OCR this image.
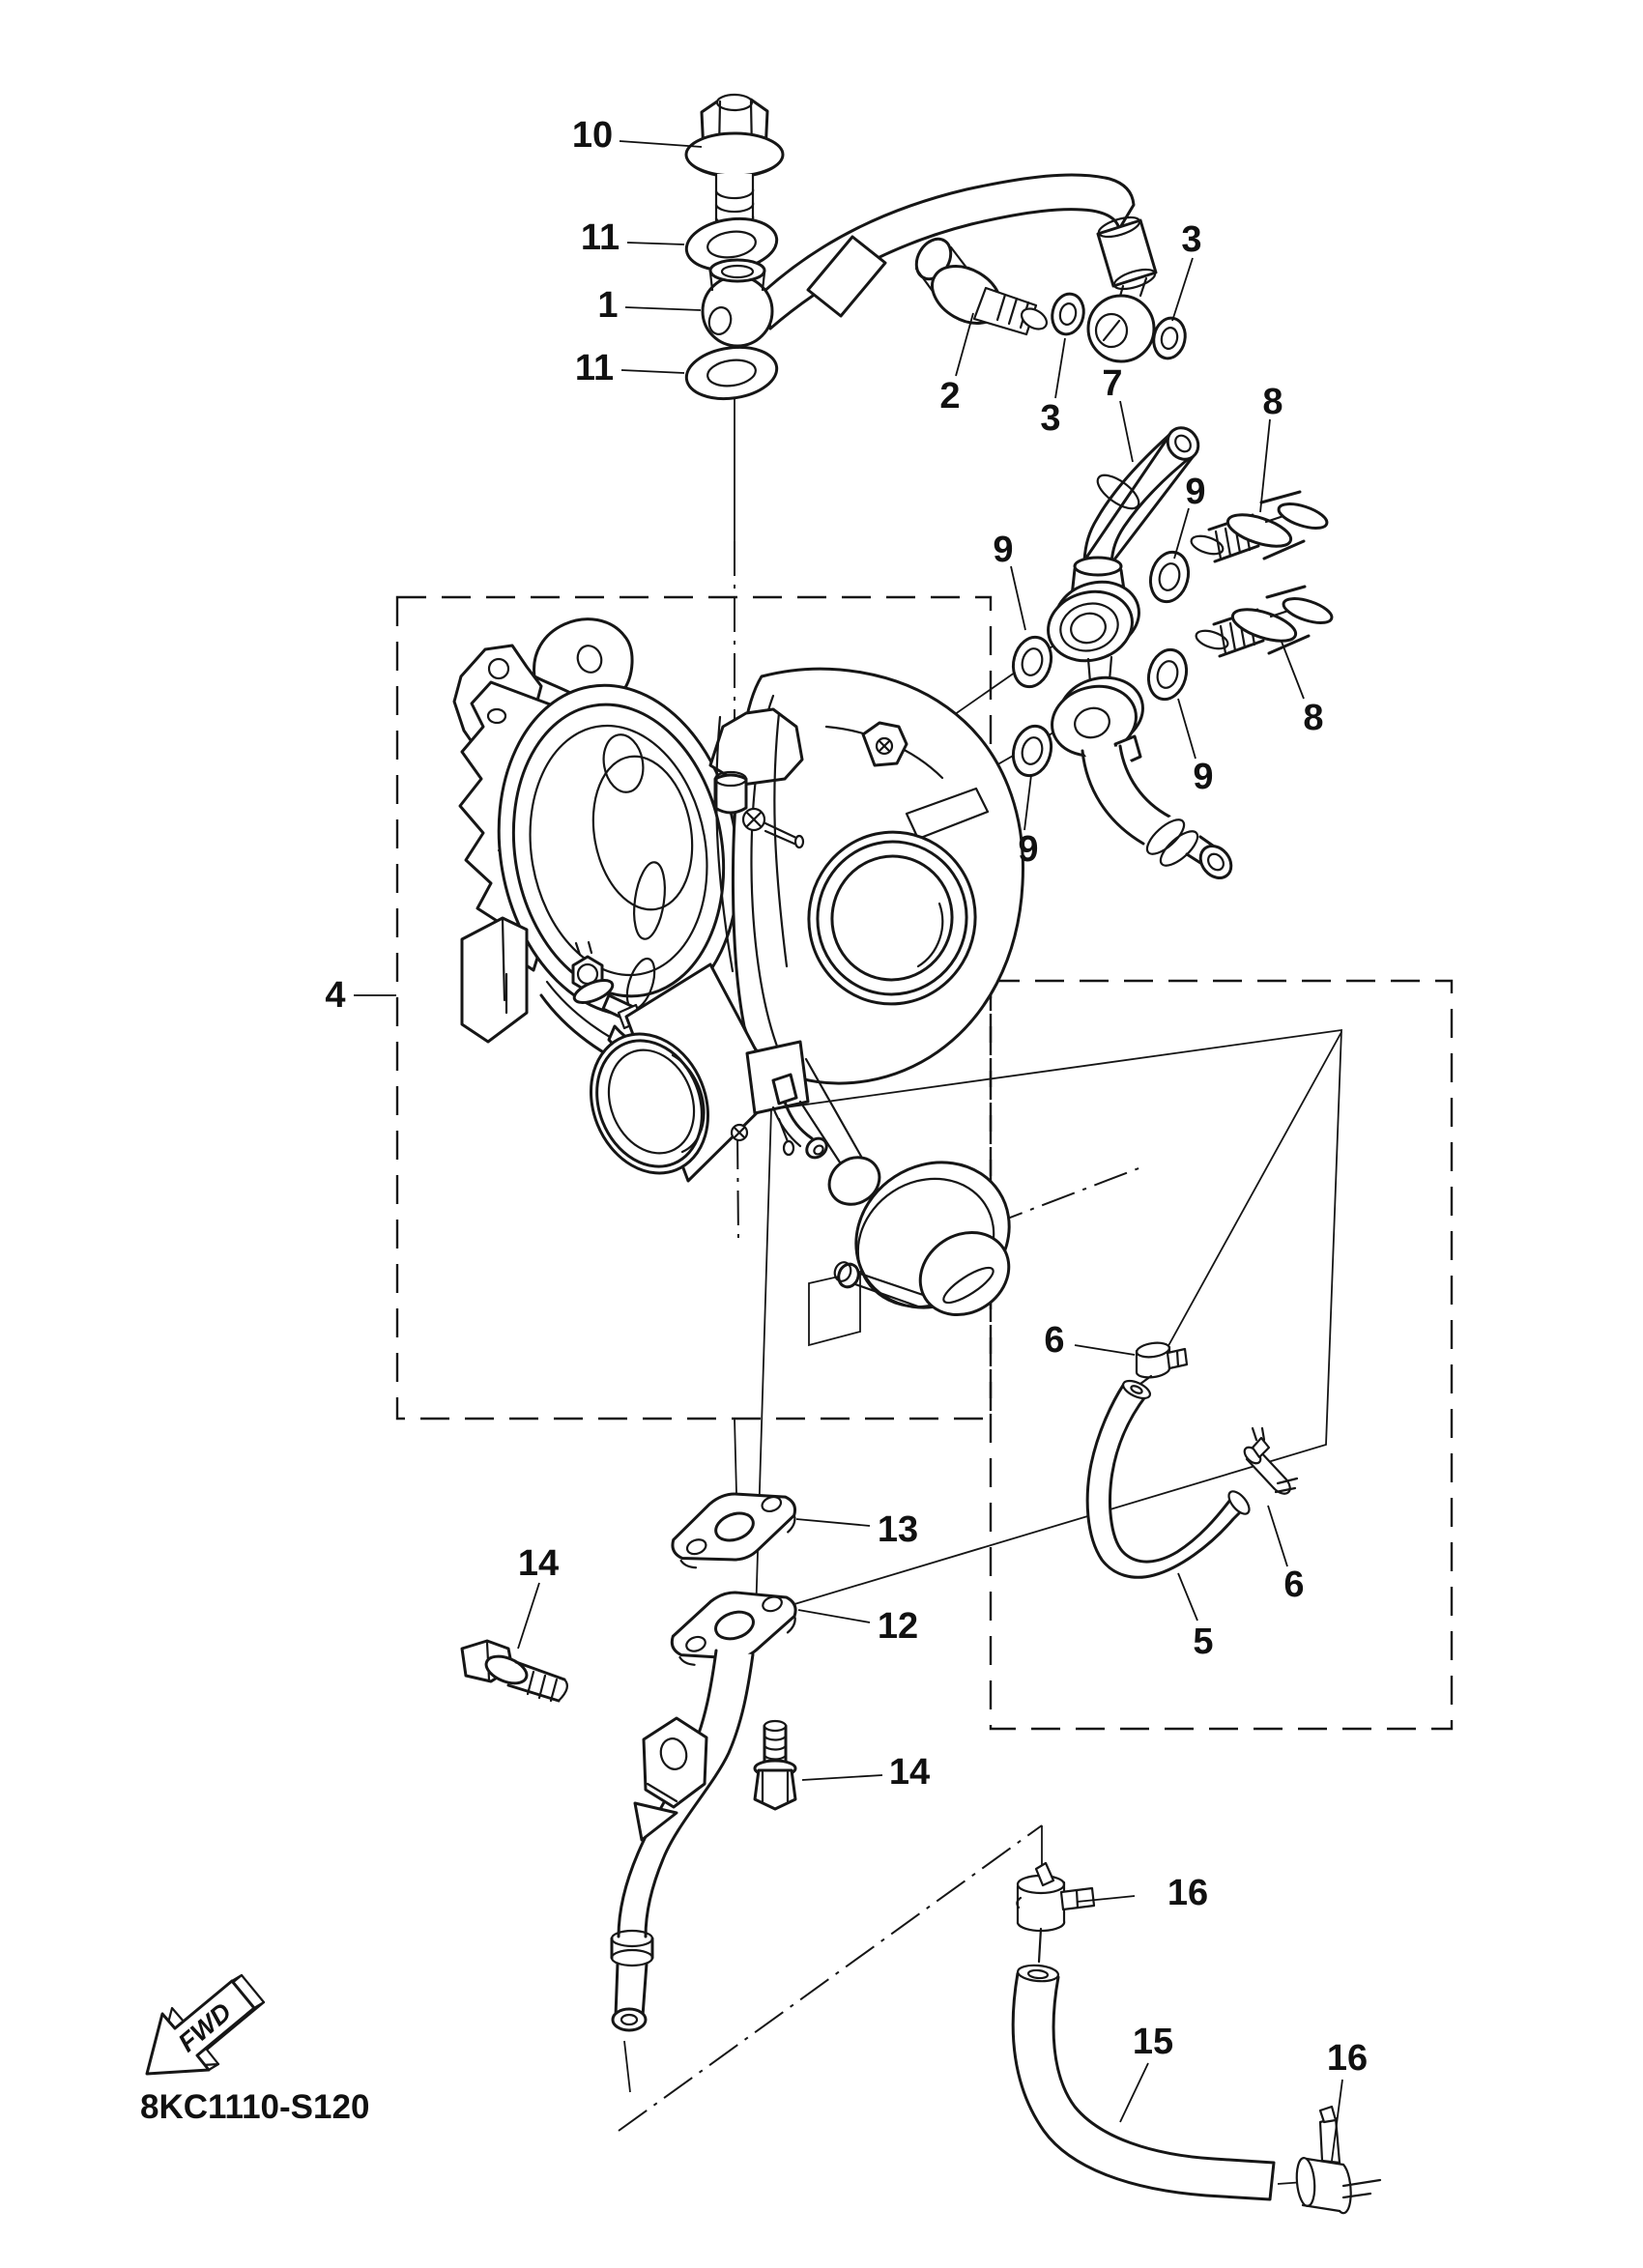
FWD
8KC1110-S120
10
11
1
11
2
3
3
7	8
8
9
9
9
9
4
13
12
14
14
6
6
5
16
15	16
